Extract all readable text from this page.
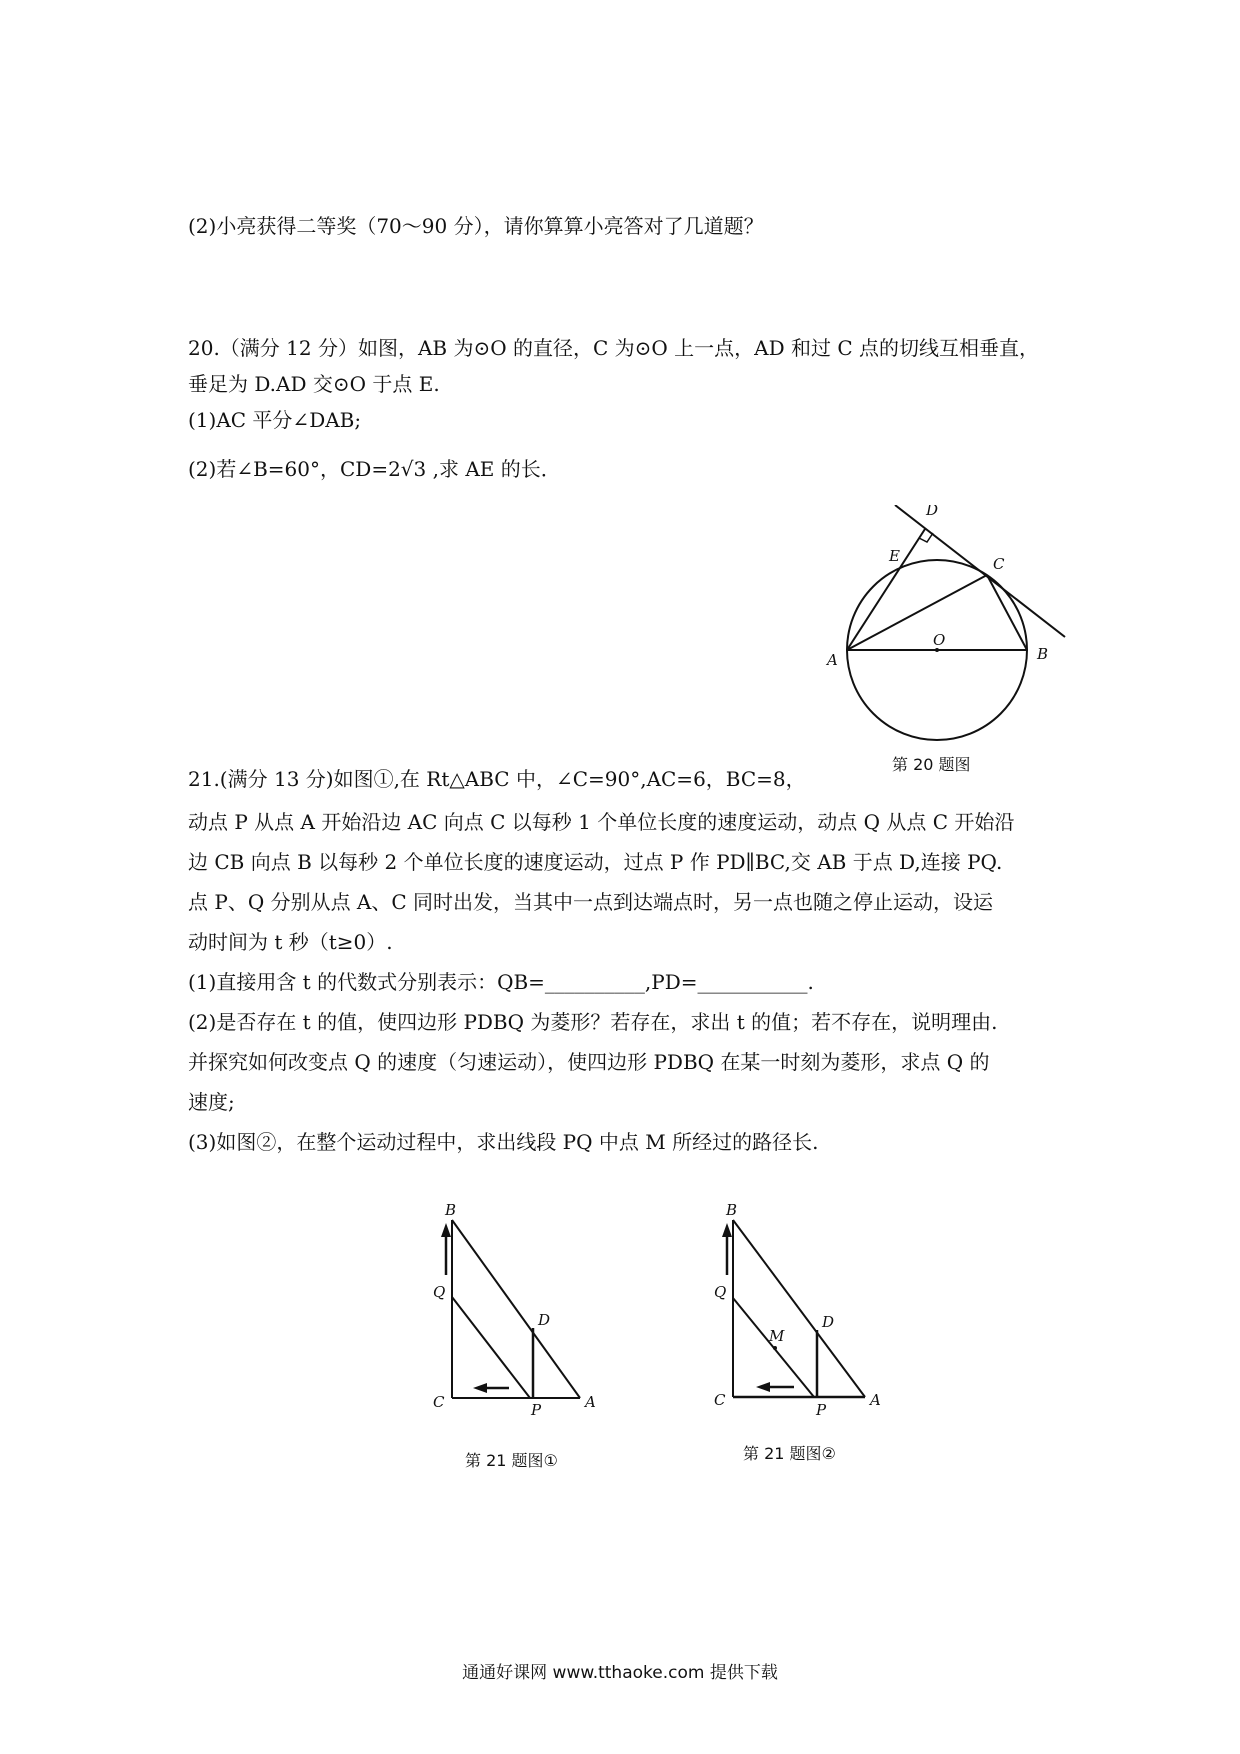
(2)小亮获得二等奖（70～90 分），请你算算小亮答对了几道题？
20.（满分 12 分）如图，AB 为⊙O 的直径，C 为⊙O 上一点，AD 和过 C 点的切线互相垂直，
垂足为 D.AD 交⊙O 于点 E.
(1)AC 平分∠DAB;
(2)若∠B=60°，CD=2√3 ,求 AE 的长．
D
E	C
O
A	B
第 20 题图
21.(满分 13 分)如图①,在 Rt△ABC 中，∠C=90°,AC=6，BC=8，
动点 P 从点 A 开始沿边 AC 向点 C 以每秒 1 个单位长度的速度运动，动点 Q 从点 C 开始沿
边 CB 向点 B 以每秒 2 个单位长度的速度运动，过点 P 作 PD∥BC,交 AB 于点 D,连接 PQ.
点 P、Q 分别从点 A、C 同时出发，当其中一点到达端点时，另一点也随之停止运动，设运
动时间为 t 秒（t≥0）.
(1)直接用含 t 的代数式分别表示：QB=__________,PD=___________.
(2)是否存在 t 的值，使四边形 PDBQ 为菱形？若存在，求出 t 的值；若不存在，说明理由.
并探究如何改变点 Q 的速度（匀速运动），使四边形 PDBQ 在某一时刻为菱形，求点 Q 的
速度;
(3)如图②，在整个运动过程中，求出线段 PQ 中点 M 所经过的路径长.
B
Q
D
C	P	A
第 21 题图①
B
Q
D
M
C
P
A
第 21 题图②
通通好课网 www.tthaoke.com 提供下载
